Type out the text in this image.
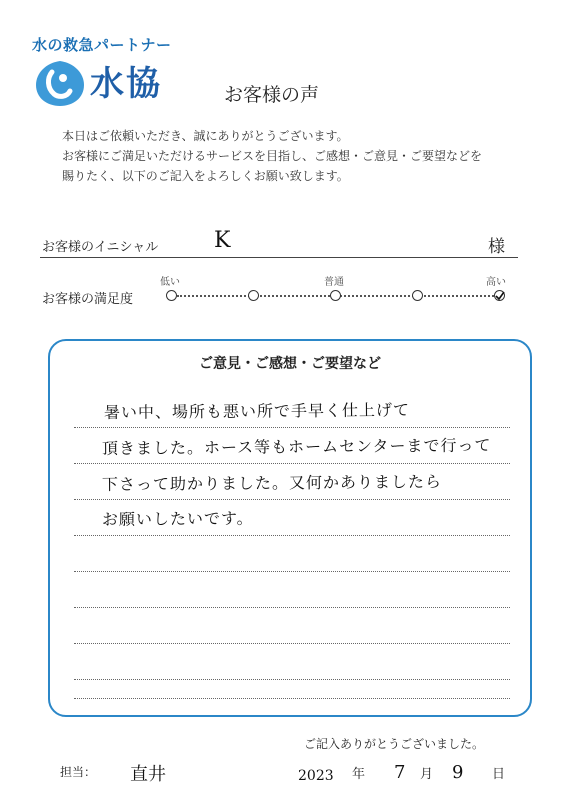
水の救急パートナー
水協	お客様の声
本日はご依頼いただき、誠にありがとうございます。
お客様にご満足いただけるサービスを目指し、ご感想・ご意見・ご要望などを
賜りたく、以下のご記入をよろしくお願い致します。
お客様のイニシャル	K	様
低い	普通	高い
お客様の満足度
ご意見・ご感想・ご要望など
暑い中、場所も悪い所で手早く仕上げて
頂きました。ホース等もホームセンターまで行って
下さって助かりました。又何かありましたら
お願いしたいです。
ご記入ありがとうございました。
担当： 直井	2023 年 7 月 9 日
